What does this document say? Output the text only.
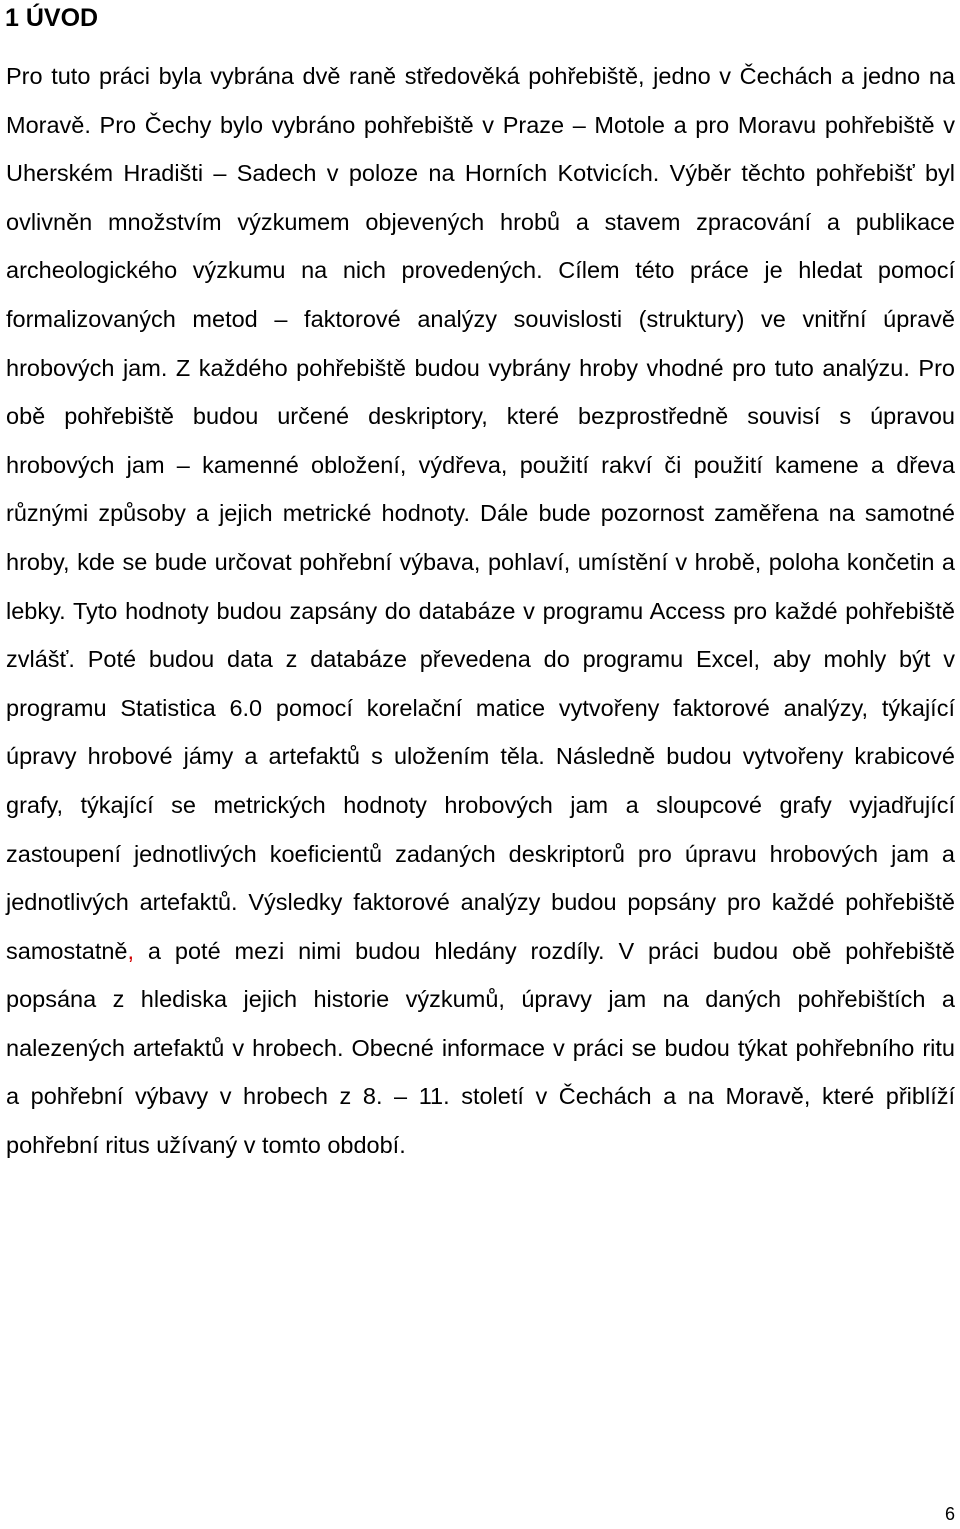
1 ÚVOD

Pro tuto práci byla vybrána dvě raně středověká pohřebiště, jedno v Čechách a jedno na Moravě. Pro Čechy bylo vybráno pohřebiště v Praze – Motole a pro Moravu pohřebiště v Uherském Hradišti – Sadech v poloze na Horních Kotvicích. Výběr těchto pohřebišť byl ovlivněn množstvím výzkumem objevených hrobů a stavem zpracování a publikace archeologického výzkumu na nich provedených. Cílem této práce je hledat pomocí formalizovaných metod – faktorové analýzy souvislosti (struktury) ve vnitřní úpravě hrobových jam. Z každého pohřebiště budou vybrány hroby vhodné pro tuto analýzu. Pro obě pohřebiště budou určené deskriptory, které bezprostředně souvisí s úpravou hrobových jam – kamenné obložení, výdřeva, použití rakví či použití kamene a dřeva různými způsoby a jejich metrické hodnoty. Dále bude pozornost zaměřena na samotné hroby, kde se bude určovat pohřební výbava, pohlaví, umístění v hrobě, poloha končetin a lebky. Tyto hodnoty budou zapsány do databáze v programu Access pro každé pohřebiště zvlášť. Poté budou data z databáze převedena do programu Excel, aby mohly být v programu Statistica 6.0 pomocí korelační matice vytvořeny faktorové analýzy, týkající úpravy hrobové jámy a artefaktů s uložením těla. Následně budou vytvořeny krabicové grafy, týkající se metrických hodnoty hrobových jam a sloupcové grafy vyjadřující zastoupení jednotlivých koeficientů zadaných deskriptorů pro úpravu hrobových jam a jednotlivých artefaktů. Výsledky faktorové analýzy budou popsány pro každé pohřebiště samostatně, a poté mezi nimi budou hledány rozdíly. V práci budou obě pohřebiště popsána z hlediska jejich historie výzkumů, úpravy jam na daných pohřebištích a nalezených artefaktů v hrobech. Obecné informace v práci se budou týkat pohřebního ritu a pohřební výbavy v hrobech z 8. – 11. století v Čechách a na Moravě, které přiblíží pohřební ritus užívaný v tomto období.

6
